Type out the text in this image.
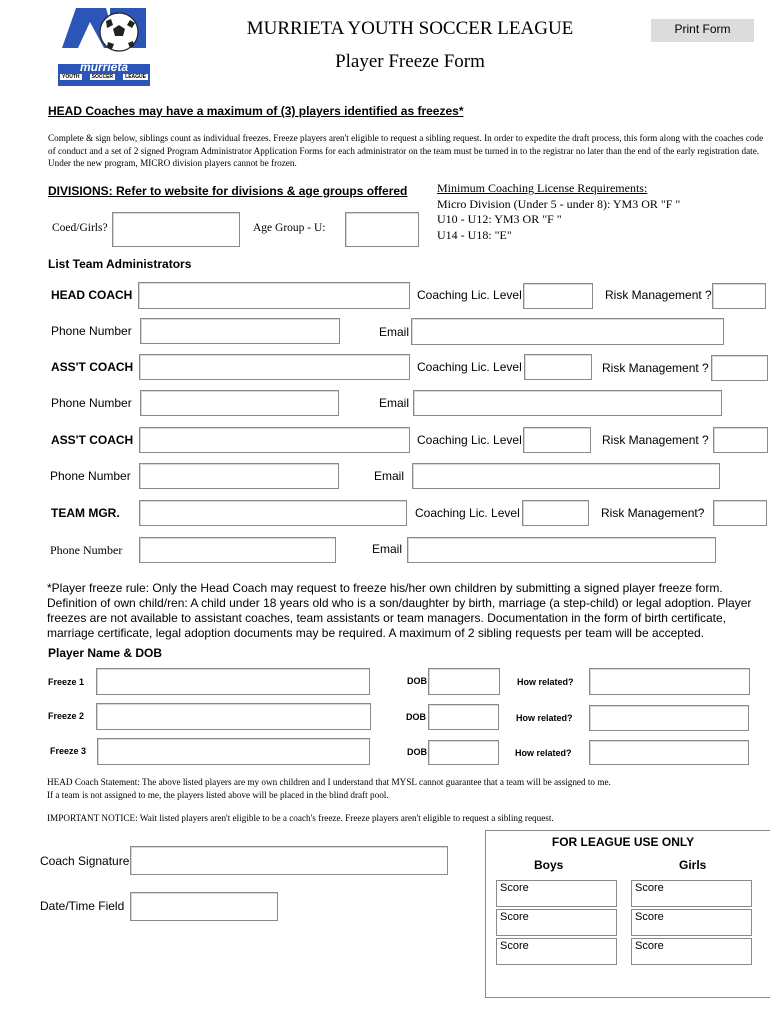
murrieta
YOUTH	SOCCER	LEAGUE
MURRIETA YOUTH SOCCER LEAGUE
Player Freeze Form
Print Form
HEAD Coaches may have a maximum of (3) players identified as freezes*
Complete & sign below, siblings count as individual freezes. Freeze players aren't eligible to request a sibling request. In order to expedite the draft process, this form along with the coaches code of conduct and a set of 2 signed Program Administrator Application Forms for each administrator on the team must be turned in to the registrar no later than the end of the early registration date. Under the new program, MICRO division players cannot be frozen.
DIVISIONS: Refer to website for divisions & age groups offered
Coed/Girls?	Age Group - U:
Minimum Coaching License Requirements:
Micro Division (Under 5 - under 8): YM3 OR "F "
U10 - U12: YM3 OR "F "
U14 - U18: "E"
List Team Administrators
HEAD COACH	Coaching Lic. Level	Risk Management ?
Phone Number	Email
ASS'T COACH	Coaching Lic. Level	Risk Management ?
Phone Number	Email
ASS'T COACH	Coaching Lic. Level	Risk Management ?
Phone Number	Email
TEAM MGR.	Coaching Lic. Level	Risk Management?
Phone Number	Email
*Player freeze rule: Only the Head Coach may request to freeze his/her own children by submitting a signed player freeze form. Definition of own child/ren: A child under 18 years old who is a son/daughter by birth, marriage (a step-child) or legal adoption. Player freezes are not available to assistant coaches, team assistants or team managers. Documentation in the form of birth certificate, marriage certificate, legal adoption documents may be required. A maximum of 2 sibling requests per team will be accepted.
Player Name & DOB
Freeze 1	DOB	How related?
Freeze 2	DOB	How related?
Freeze 3	DOB	How related?
HEAD Coach Statement: The above listed players are my own children and I understand that MYSL cannot guarantee that a team will be assigned to me.
If a team is not assigned to me, the players listed above will be placed in the blind draft pool.
IMPORTANT NOTICE: Wait listed players aren't eligible to be a coach's freeze. Freeze players aren't eligible to request a sibling request.
Coach Signature
Date/Time Field
FOR LEAGUE USE ONLY
Boys	Girls
Score	Score
Score	Score
Score	Score
